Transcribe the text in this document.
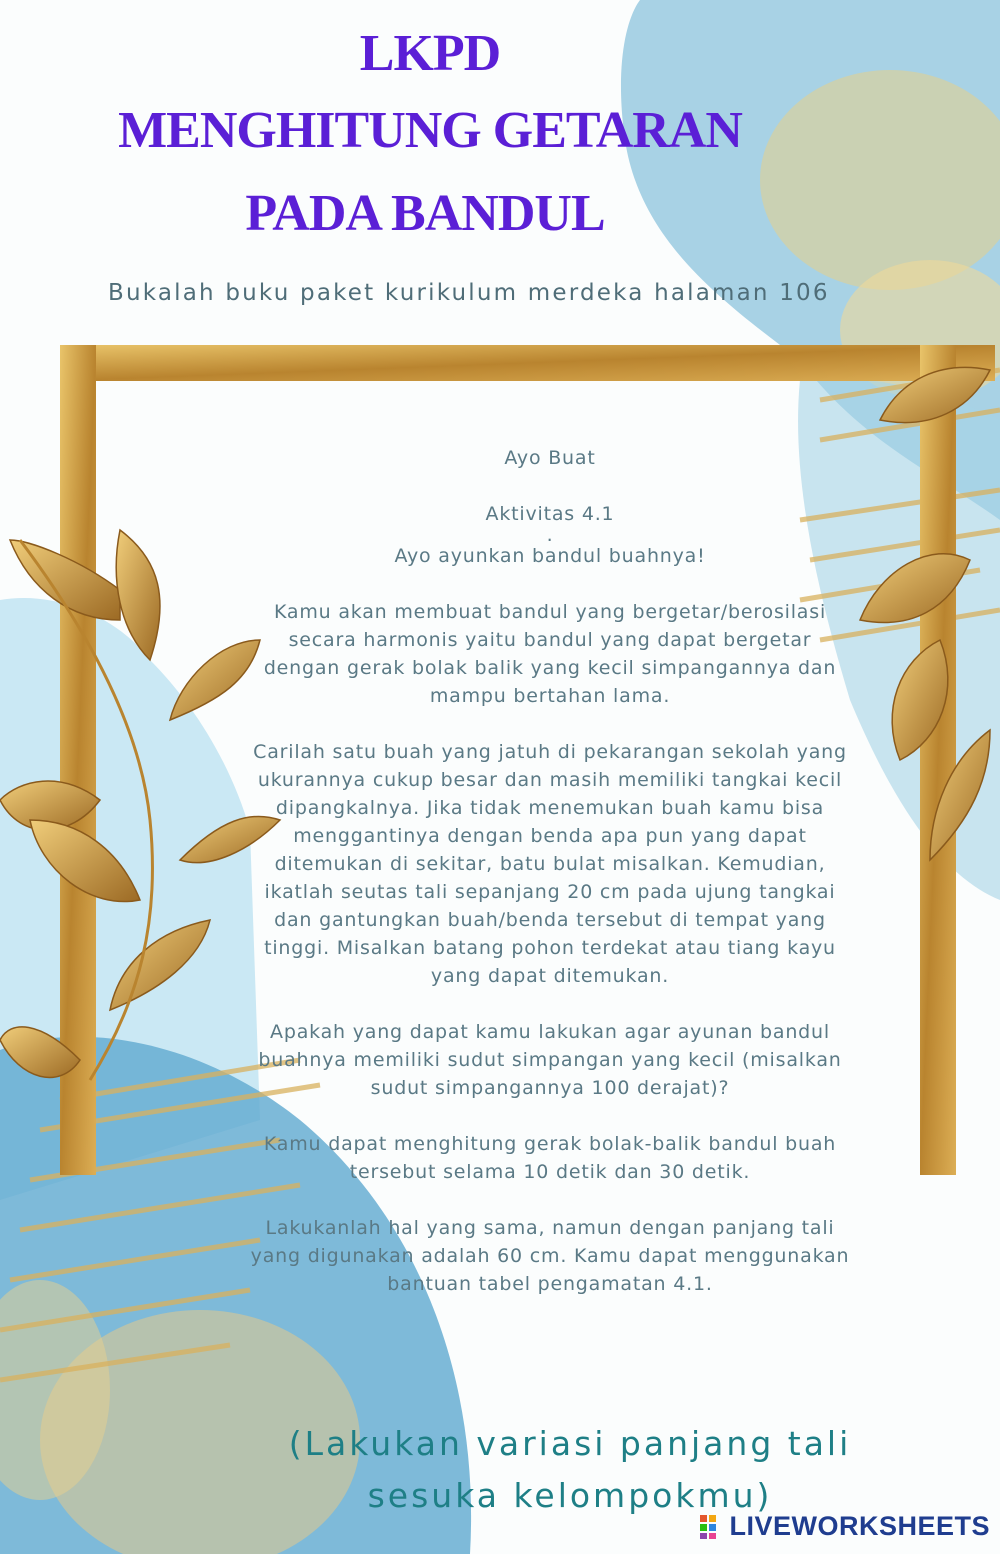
LKPD
MENGHITUNG GETARAN
PADA BANDUL
Bukalah buku paket kurikulum merdeka halaman 106

Ayo Buat

Aktivitas 4.1

.

Ayo ayunkan bandul buahnya!

Kamu akan membuat bandul yang bergetar/berosilasi secara harmonis yaitu bandul yang dapat bergetar dengan gerak bolak balik yang kecil simpangannya dan mampu bertahan lama.

Carilah satu buah yang jatuh di pekarangan sekolah yang ukurannya cukup besar dan masih memiliki tangkai kecil dipangkalnya. Jika tidak menemukan buah kamu bisa menggantinya dengan benda apa pun yang dapat ditemukan di sekitar, batu bulat misalkan. Kemudian, ikatlah seutas tali sepanjang 20 cm pada ujung tangkai dan gantungkan buah/benda tersebut di tempat yang tinggi. Misalkan batang pohon terdekat atau tiang kayu yang dapat ditemukan.

Apakah yang dapat kamu lakukan agar ayunan bandul buahnya memiliki sudut simpangan yang kecil (misalkan sudut simpangannya 100 derajat)?

Kamu dapat menghitung gerak bolak-balik bandul buah tersebut selama 10 detik dan 30 detik.

Lakukanlah hal yang sama, namun dengan panjang tali yang digunakan adalah 60 cm. Kamu dapat menggunakan bantuan tabel pengamatan 4.1.

(Lakukan variasi panjang tali
sesuka kelompokmu)
LIVEWORKSHEETS
